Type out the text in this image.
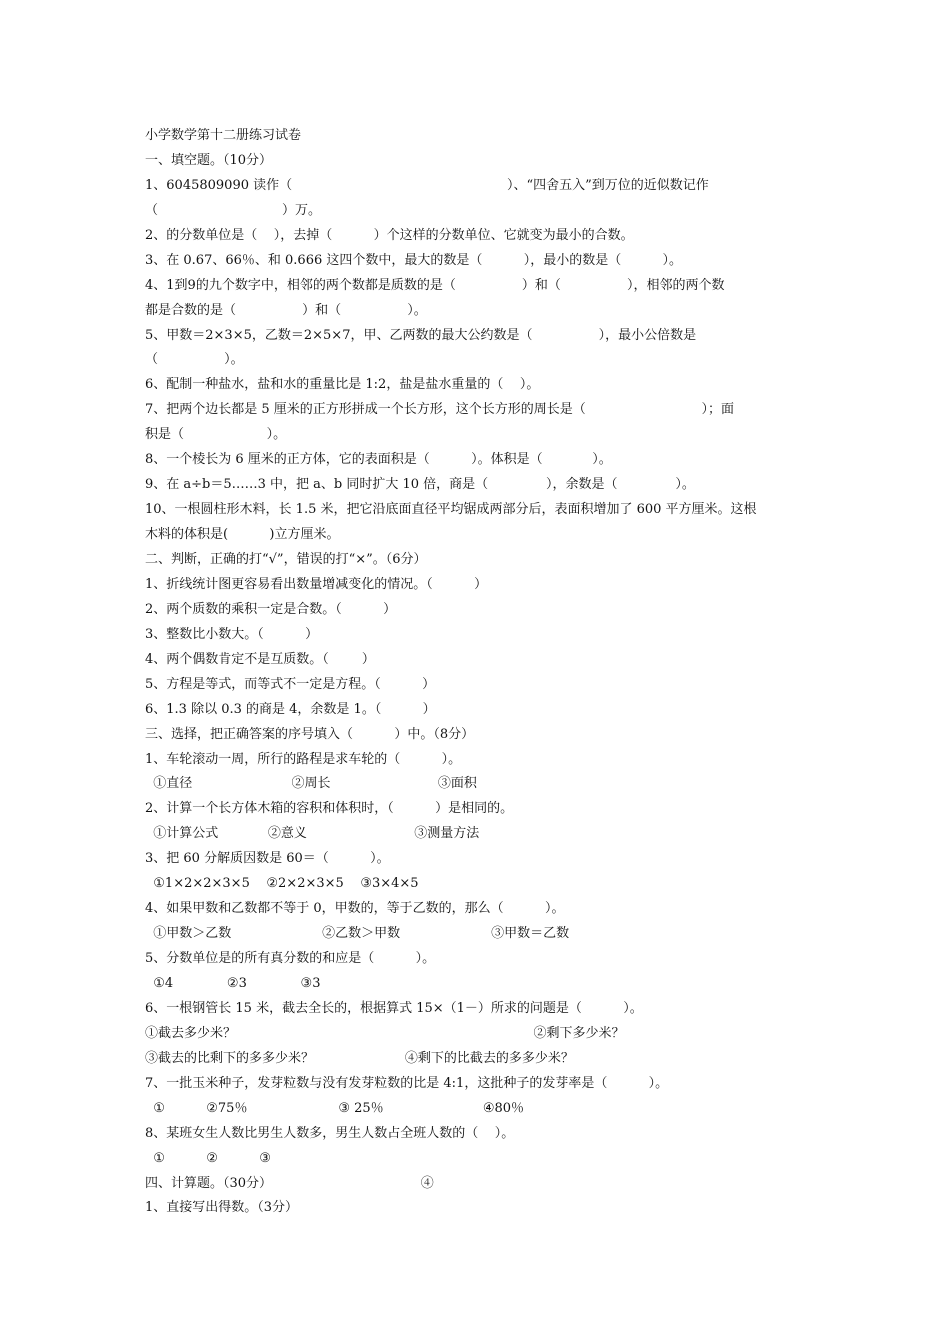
小学数学第十二册练习试卷
一、填空题。（10分）
1、6045809090 读作（                                                    ）、“四舍五入”到万位的近似数记作
（                              ）万。
2、的分数单位是（    ），去掉（          ）个这样的分数单位、它就变为最小的合数。
3、在 0.67、66％、和 0.666 这四个数中，最大的数是（          ），最小的数是（          ）。
4、1到9的九个数字中，相邻的两个数都是质数的是（                ）和（                ），相邻的两个数
都是合数的是（                ）和（                ）。
5、甲数＝2×3×5，乙数＝2×5×7，甲、乙两数的最大公约数是（                ），最小公倍数是
（                ）。
6、配制一种盐水，盐和水的重量比是 1:2，盐是盐水重量的（    ）。
7、把两个边长都是 5 厘米的正方形拼成一个长方形，这个长方形的周长是（                            ）；面
积是（                    ）。
8、一个棱长为 6 厘米的正方体，它的表面积是（          ）。体积是（            ）。
9、在 a÷b＝5……3 中，把 a、b 同时扩大 10 倍，商是（              ），余数是（              ）。
10、一根圆柱形木料，长 1.5 米，把它沿底面直径平均锯成两部分后，表面积增加了 600 平方厘米。这根
木料的体积是(          )立方厘米。
二、判断，正确的打“√”，错误的打“×”。（6分）
1、折线统计图更容易看出数量增减变化的情况。（          ）
2、两个质数的乘积一定是合数。（          ）
3、整数比小数大。（          ）
4、两个偶数肯定不是互质数。（        ）
5、方程是等式，而等式不一定是方程。（          ）
6、1.3 除以 0.3 的商是 4，余数是 1。（          ）
三、选择，把正确答案的序号填入（          ）中。（8分）
1、车轮滚动一周，所行的路程是求车轮的（          ）。
①直径                        ②周长                          ③面积
2、计算一个长方体木箱的容积和体积时，（          ）是相同的。
①计算公式            ②意义                          ③测量方法
3、把 60 分解质因数是 60＝（          ）。
①1×2×2×3×5    ②2×2×3×5    ③3×4×5
4、如果甲数和乙数都不等于 0，甲数的，等于乙数的，那么（          ）。
①甲数＞乙数                      ②乙数＞甲数                      ③甲数＝乙数
5、分数单位是的所有真分数的和应是（          ）。
①4             ②3             ③3
6、一根钢管长 15 米，截去全长的，根据算式 15×（1－）所求的问题是（          ）。
①截去多少米？                                                                        ②剩下多少米？
③截去的比剩下的多多少米？                      ④剩下的比截去的多多少米？
7、一批玉米种子，发芽粒数与没有发芽粒数的比是 4:1，这批种子的发芽率是（          ）。
①          ②75％                      ③ 25％                        ④80％
8、某班女生人数比男生人数多，男生人数占全班人数的（    ）。
①          ②          ③
四、计算题。（30分）                                    ④
1、直接写出得数。（3分）
